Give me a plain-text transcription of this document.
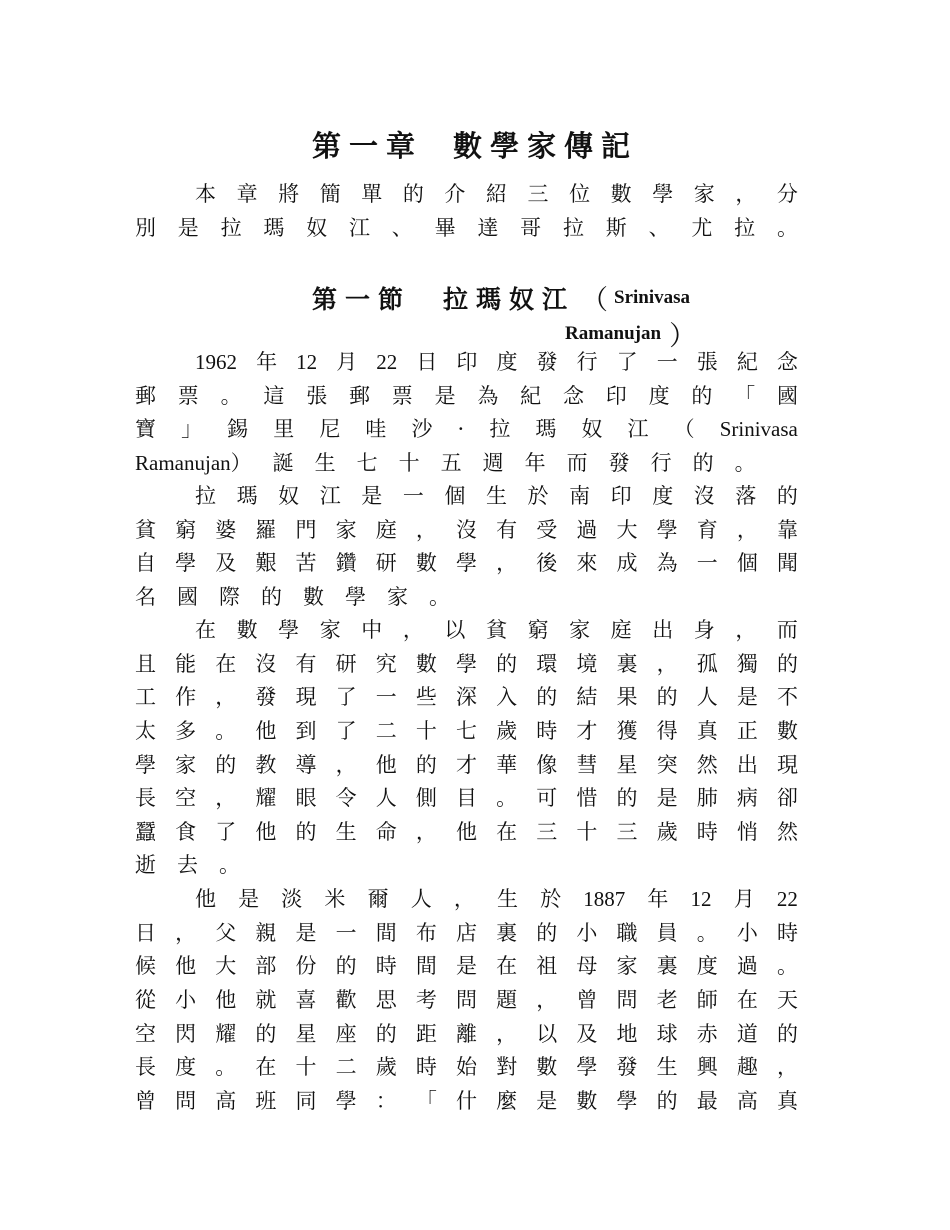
第一章 數學家傳記
本 章 將 簡 單 的 介 紹 三 位 數 學 家 ， 分
別 是 拉 瑪 奴 江 、 畢 達 哥 拉 斯 、 尤 拉 。
第一節 拉瑪奴江 （ Srinivasa
Ramanujan ）
1962 年 12 月 22 日 印 度 發 行 了 一 張 紀 念
郵 票 。 這 張 郵 票 是 為 紀 念 印 度 的 「 國
寶 」 錫 里 尼 哇 沙 · 拉 瑪 奴 江 （ Srinivasa
Ramanujan） 誕 生 七 十 五 週 年 而 發 行 的 。
拉 瑪 奴 江 是 一 個 生 於 南 印 度 沒 落 的
貧 窮 婆 羅 門 家 庭 ， 沒 有 受 過 大 學 育 ， 靠
自 學 及 艱 苦 鑽 研 數 學 ， 後 來 成 為 一 個 聞
名 國 際 的 數 學 家 。
在 數 學 家 中 ， 以 貧 窮 家 庭 出 身 ， 而
且 能 在 沒 有 研 究 數 學 的 環 境 裏 ， 孤 獨 的
工 作 ， 發 現 了 一 些 深 入 的 結 果 的 人 是 不
太 多 。 他 到 了 二 十 七 歲 時 才 獲 得 真 正 數
學 家 的 教 導 ， 他 的 才 華 像 彗 星 突 然 出 現
長 空 ， 耀 眼 令 人 側 目 。 可 惜 的 是 肺 病 卻
蠶 食 了 他 的 生 命 ， 他 在 三 十 三 歲 時 悄 然
逝 去 。
他 是 淡 米 爾 人 ， 生 於 1887 年 12 月 22
日 ， 父 親 是 一 間 布 店 裏 的 小 職 員 。 小 時
候 他 大 部 份 的 時 間 是 在 祖 母 家 裏 度 過 。
從 小 他 就 喜 歡 思 考 問 題 ， 曾 問 老 師 在 天
空 閃 耀 的 星 座 的 距 離 ， 以 及 地 球 赤 道 的
長 度 。 在 十 二 歲 時 始 對 數 學 發 生 興 趣 ，
曾 問 高 班 同 學 ： 「 什 麼 是 數 學 的 最 高 真
